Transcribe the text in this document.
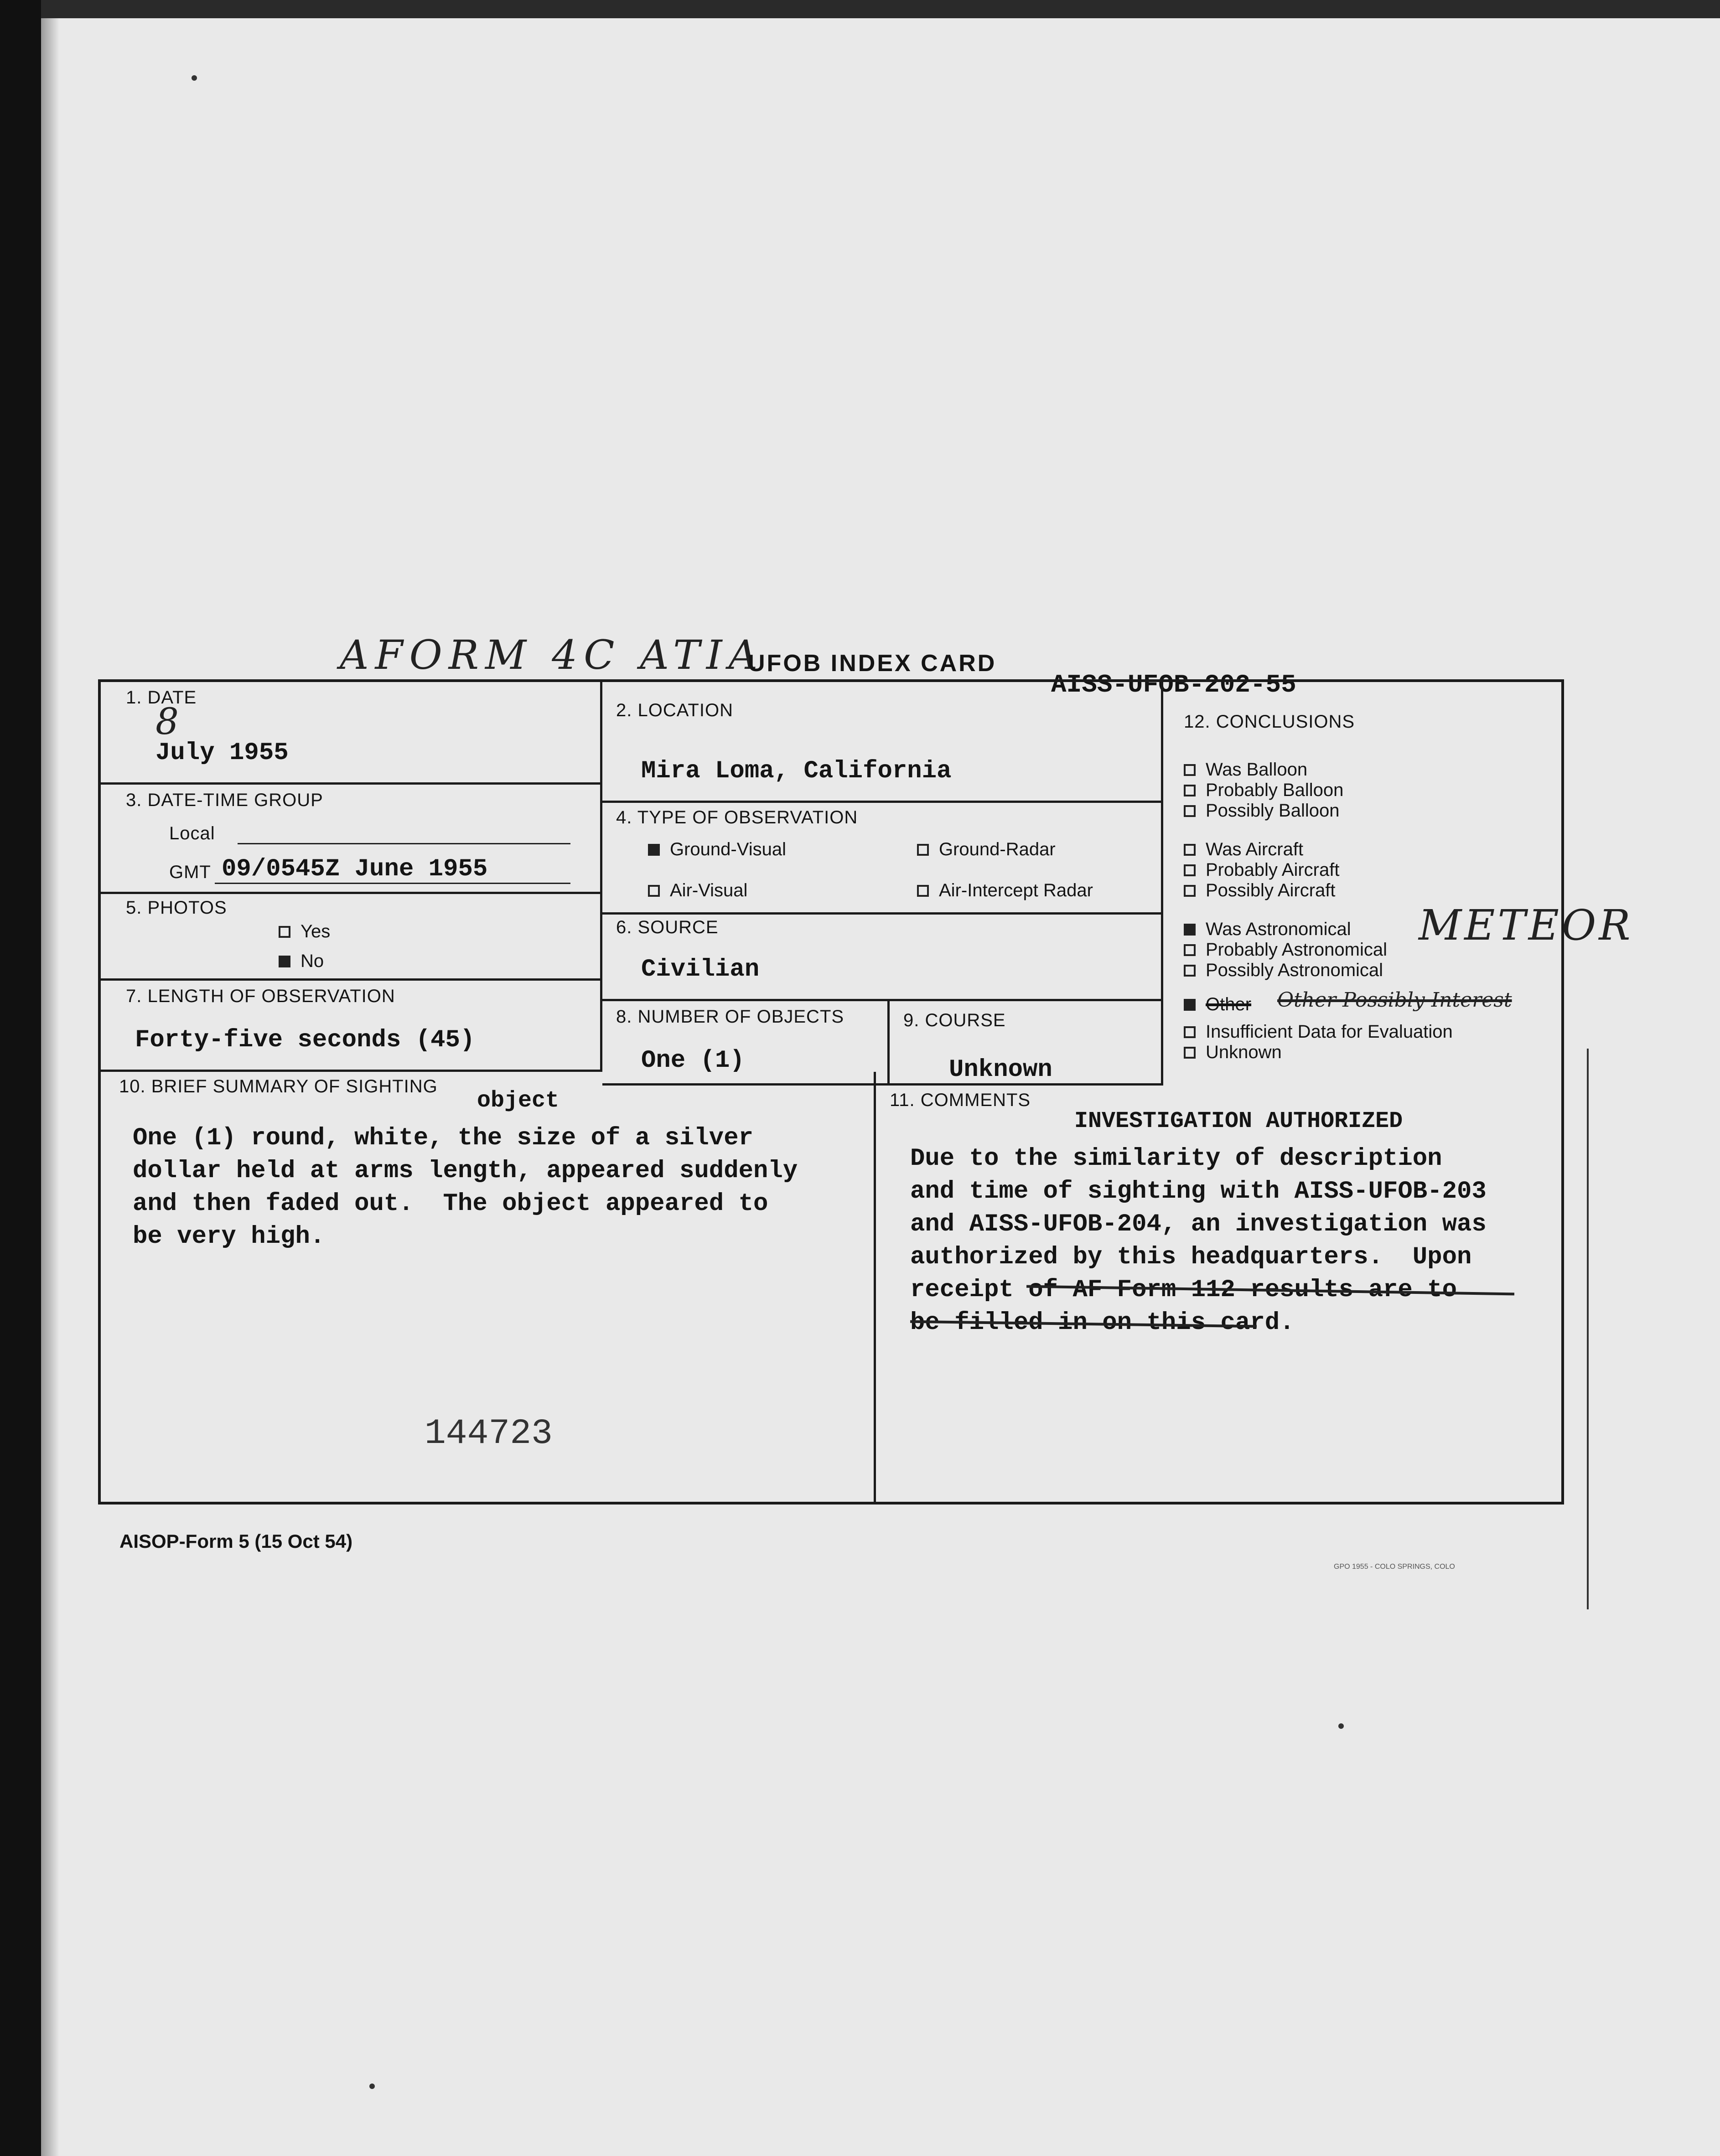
AFORM 4C ATIA
UFOB INDEX CARD
AISS-UFOB-202-55
1. DATE
8
July 1955
2. LOCATION
Mira Loma, California
3. DATE-TIME GROUP
Local
GMT 09/0545Z June 1955
4. TYPE OF OBSERVATION
Ground-Visual	Ground-Radar
Air-Visual	Air-Intercept Radar
5. PHOTOS
Yes
No
6. SOURCE
Civilian
7. LENGTH OF OBSERVATION
Forty-five seconds (45)
8. NUMBER OF OBJECTS
One (1)
9. COURSE
Unknown
10. BRIEF SUMMARY OF SIGHTING
object
One (1) round, white, the size of a silver
dollar held at arms length, appeared suddenly
and then faded out.  The object appeared to
be very high.
11. COMMENTS
INVESTIGATION AUTHORIZED
Due to the similarity of description
and time of sighting with AISS-UFOB-203
and AISS-UFOB-204, an investigation was
authorized by this headquarters.  Upon
receipt of AF Form 112 results are to
be filled in on this card.
12. CONCLUSIONS
Was Balloon
Probably Balloon
Possibly Balloon
Was Aircraft
Probably Aircraft
Possibly Aircraft
Was Astronomical METEOR
Probably Astronomical
Possibly Astronomical
Other Other Possibly Interest
Insufficient Data for Evaluation
Unknown
144723
AISOP-Form 5 (15 Oct 54)
GPO 1955 - COLO SPRINGS, COLO
